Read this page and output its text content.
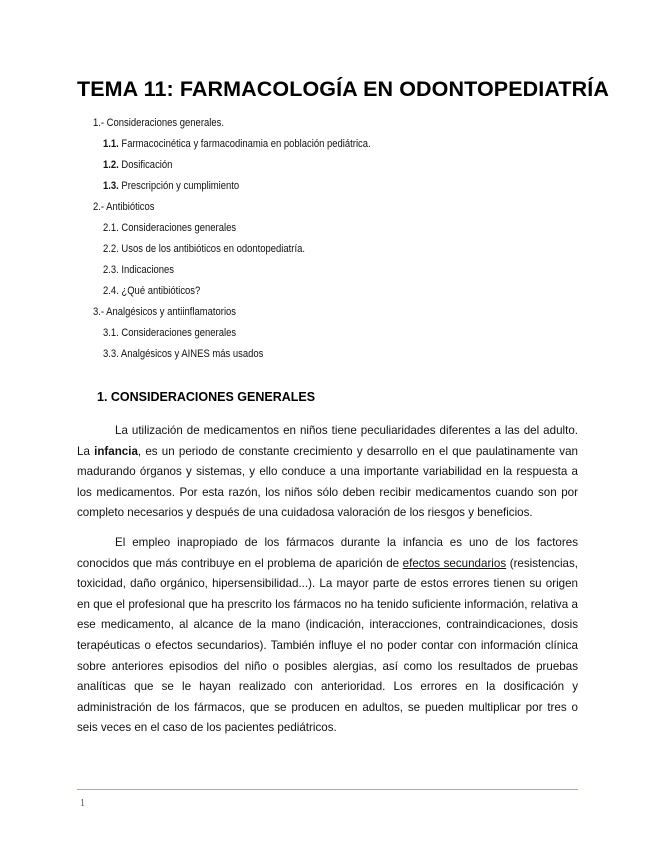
TEMA 11: FARMACOLOGÍA EN ODONTOPEDIATRÍA
1.- Consideraciones generales.
1.1. Farmacocinética y farmacodinamia en población pediátrica.
1.2. Dosificación
1.3. Prescripción y cumplimiento
2.- Antibióticos
2.1. Consideraciones generales
2.2. Usos de los antibióticos en odontopediatría.
2.3. Indicaciones
2.4. ¿Qué antibióticos?
3.- Analgésicos y antiinflamatorios
3.1. Consideraciones generales
3.3. Analgésicos y AINES más usados
1. CONSIDERACIONES GENERALES

La utilización de medicamentos en niños tiene peculiaridades diferentes a las del adulto. La infancia, es un periodo de constante crecimiento y desarrollo en el que paulatinamente van madurando órganos y sistemas, y ello conduce a una importante variabilidad en la respuesta a los medicamentos. Por esta razón, los niños sólo deben recibir medicamentos cuando son por completo necesarios y después de una cuidadosa valoración de los riesgos y beneficios.

El empleo inapropiado de los fármacos durante la infancia es uno de los factores conocidos que más contribuye en el problema de aparición de efectos secundarios (resistencias, toxicidad, daño orgánico, hipersensibilidad...). La mayor parte de estos errores tienen su origen en que el profesional que ha prescrito los fármacos no ha tenido suficiente información, relativa a ese medicamento, al alcance de la mano (indicación, interacciones, contraindicaciones, dosis terapéuticas o efectos secundarios). También influye el no poder contar con información clínica sobre anteriores episodios del niño o posibles alergias, así como los resultados de pruebas analíticas que se le hayan realizado con anterioridad. Los errores en la dosificación y administración de los fármacos, que se producen en adultos, se pueden multiplicar por tres o seis veces en el caso de los pacientes pediátricos.

1
